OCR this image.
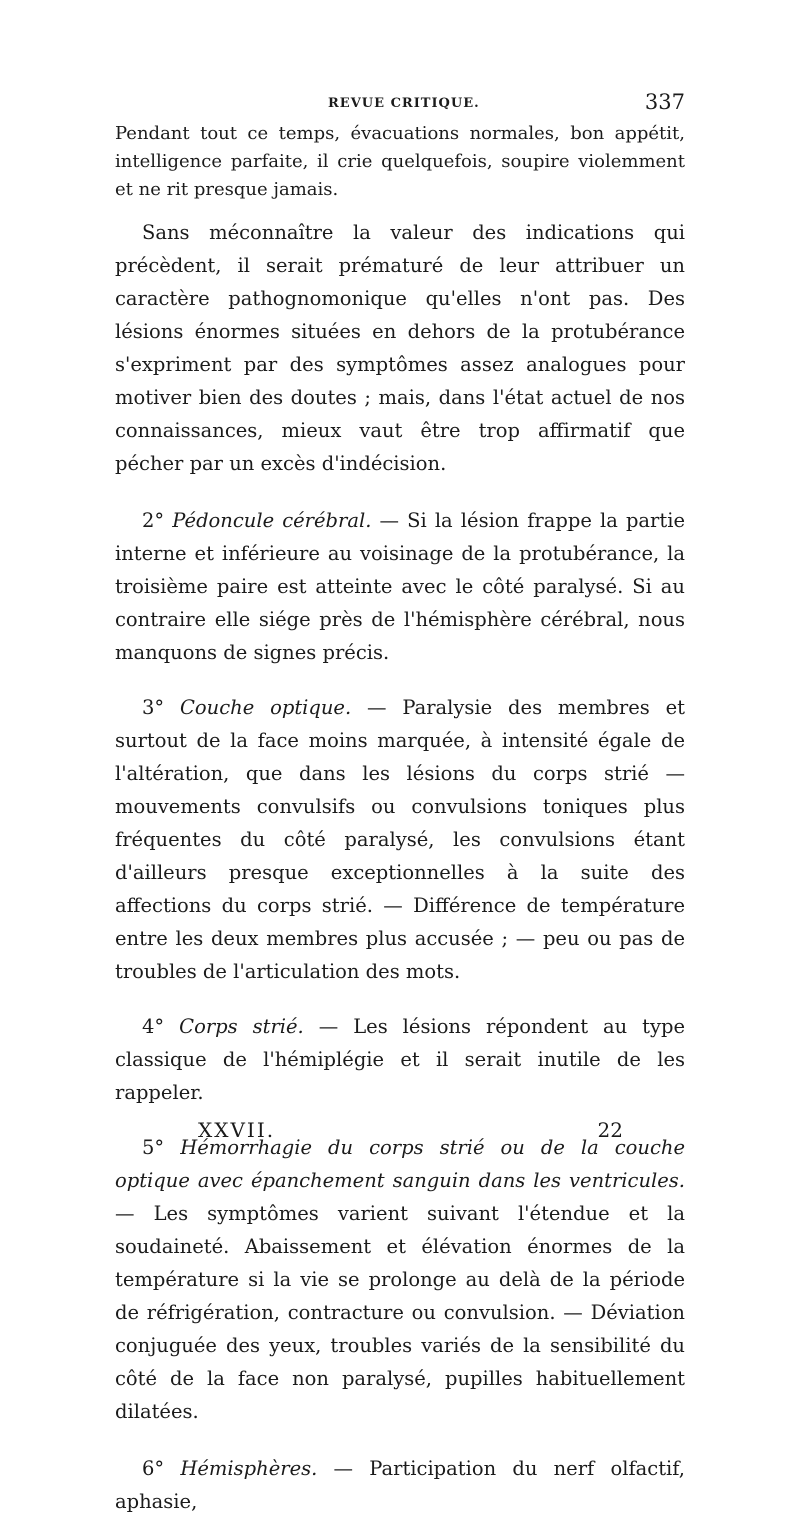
REVUE CRITIQUE.	337

Pendant tout ce temps, évacuations normales, bon appétit, intelligence parfaite, il crie quelquefois, soupire violemment et ne rit presque jamais.

Sans méconnaître la valeur des indications qui précèdent, il serait prématuré de leur attribuer un caractère pathognomonique qu'elles n'ont pas. Des lésions énormes situées en dehors de la protubérance s'expriment par des symptômes assez analogues pour motiver bien des doutes ; mais, dans l'état actuel de nos connaissances, mieux vaut être trop affirmatif que pécher par un excès d'indécision.

2° Pédoncule cérébral. — Si la lésion frappe la partie interne et inférieure au voisinage de la protubérance, la troisième paire est atteinte avec le côté paralysé. Si au contraire elle siége près de l'hémisphère cérébral, nous manquons de signes précis.

3° Couche optique. — Paralysie des membres et surtout de la face moins marquée, à intensité égale de l'altération, que dans les lésions du corps strié — mouvements convulsifs ou convulsions toniques plus fréquentes du côté paralysé, les convulsions étant d'ailleurs presque exceptionnelles à la suite des affections du corps strié. — Différence de température entre les deux membres plus accusée ; — peu ou pas de troubles de l'articulation des mots.

4° Corps strié. — Les lésions répondent au type classique de l'hémiplégie et il serait inutile de les rappeler.

5° Hémorrhagie du corps strié ou de la couche optique avec épanchement sanguin dans les ventricules. — Les symptômes varient suivant l'étendue et la soudaineté. Abaissement et élévation énormes de la température si la vie se prolonge au delà de la période de réfrigération, contracture ou convulsion. — Déviation conjuguée des yeux, troubles variés de la sensibilité du côté de la face non paralysé, pupilles habituellement dilatées.

6° Hémisphères. — Participation du nerf olfactif, aphasie,

XXVII.	22
